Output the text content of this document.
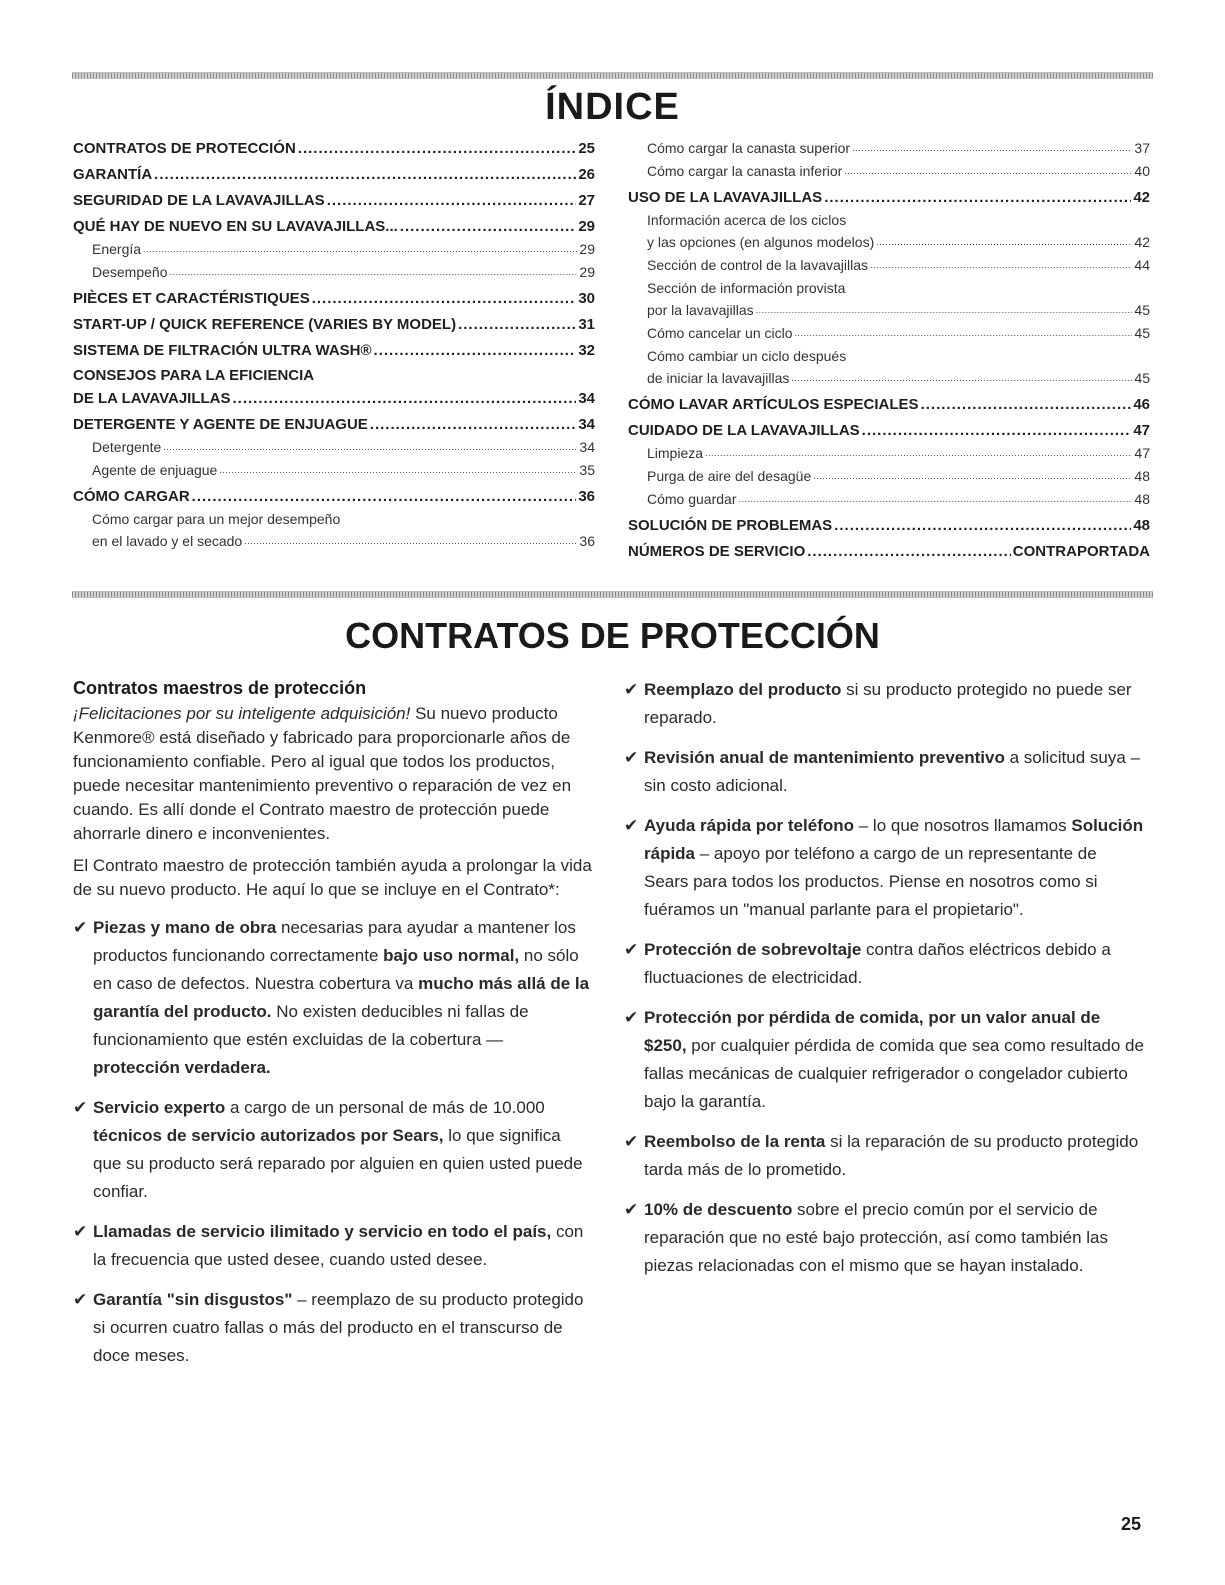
ÍNDICE
CONTRATOS DE PROTECCIÓN .....	25
GARANTÍA .....	26
SEGURIDAD DE LA LAVAVAJILLAS .....	27
QUÉ HAY DE NUEVO EN SU LAVAVAJILLAS... .....	29
Energía .....	29
Desempeño .....	29
PIÈCES ET CARACTÉRISTIQUES .....	30
START-UP / QUICK REFERENCE (VARIES BY MODEL) .....	31
SISTEMA DE FILTRACIÓN ULTRA WASH® .....	32
CONSEJOS PARA LA EFICIENCIA
DE LA LAVAVAJILLAS .....	34
DETERGENTE Y AGENTE DE ENJUAGUE .....	34
Detergente .....	34
Agente de enjuague .....	35
CÓMO CARGAR .....	36
Cómo cargar para un mejor desempeño
en el lavado y el secado .....	36
Cómo cargar la canasta superior .....	37
Cómo cargar la canasta inferior .....	40
USO DE LA LAVAVAJILLAS .....	42
Información acerca de los ciclos
y las opciones (en algunos modelos) .....	42
Sección de control de la lavavajillas .....	44
Sección de información provista
por la lavavajillas .....	45
Cómo cancelar un ciclo .....	45
Cómo cambiar un ciclo después
de iniciar la lavavajillas .....	45
CÓMO LAVAR ARTÍCULOS ESPECIALES .....	46
CUIDADO DE LA LAVAVAJILLAS .....	47
Limpieza .....	47
Purga de aire del desagüe .....	48
Cómo guardar .....	48
SOLUCIÓN DE PROBLEMAS .....	48
NÚMEROS DE SERVICIO .....	CONTRAPORTADA
CONTRATOS DE PROTECCIÓN
Contratos maestros de protección

¡Felicitaciones por su inteligente adquisición! Su nuevo producto Kenmore® está diseñado y fabricado para proporcionarle años de funcionamiento confiable. Pero al igual que todos los productos, puede necesitar mantenimiento preventivo o reparación de vez en cuando. Es allí donde el Contrato maestro de protección puede ahorrarle dinero e inconvenientes.

El Contrato maestro de protección también ayuda a prolongar la vida de su nuevo producto. He aquí lo que se incluye en el Contrato*:

✔ Piezas y mano de obra necesarias para ayudar a mantener los productos funcionando correctamente bajo uso normal, no sólo en caso de defectos. Nuestra cobertura va mucho más allá de la garantía del producto. No existen deducibles ni fallas de funcionamiento que estén excluidas de la cobertura — protección verdadera.
✔ Servicio experto a cargo de un personal de más de 10.000 técnicos de servicio autorizados por Sears, lo que significa que su producto será reparado por alguien en quien usted puede confiar.
✔ Llamadas de servicio ilimitado y servicio en todo el país, con la frecuencia que usted desee, cuando usted desee.
✔ Garantía "sin disgustos" – reemplazo de su producto protegido si ocurren cuatro fallas o más del producto en el transcurso de doce meses.
✔ Reemplazo del producto si su producto protegido no puede ser reparado.
✔ Revisión anual de mantenimiento preventivo a solicitud suya – sin costo adicional.
✔ Ayuda rápida por teléfono – lo que nosotros llamamos Solución rápida – apoyo por teléfono a cargo de un representante de Sears para todos los productos. Piense en nosotros como si fuéramos un "manual parlante para el propietario".
✔ Protección de sobrevoltaje contra daños eléctricos debido a fluctuaciones de electricidad.
✔ Protección por pérdida de comida, por un valor anual de $250, por cualquier pérdida de comida que sea como resultado de fallas mecánicas de cualquier refrigerador o congelador cubierto bajo la garantía.
✔ Reembolso de la renta si la reparación de su producto protegido tarda más de lo prometido.
✔ 10% de descuento sobre el precio común por el servicio de reparación que no esté bajo protección, así como también las piezas relacionadas con el mismo que se hayan instalado.
25
